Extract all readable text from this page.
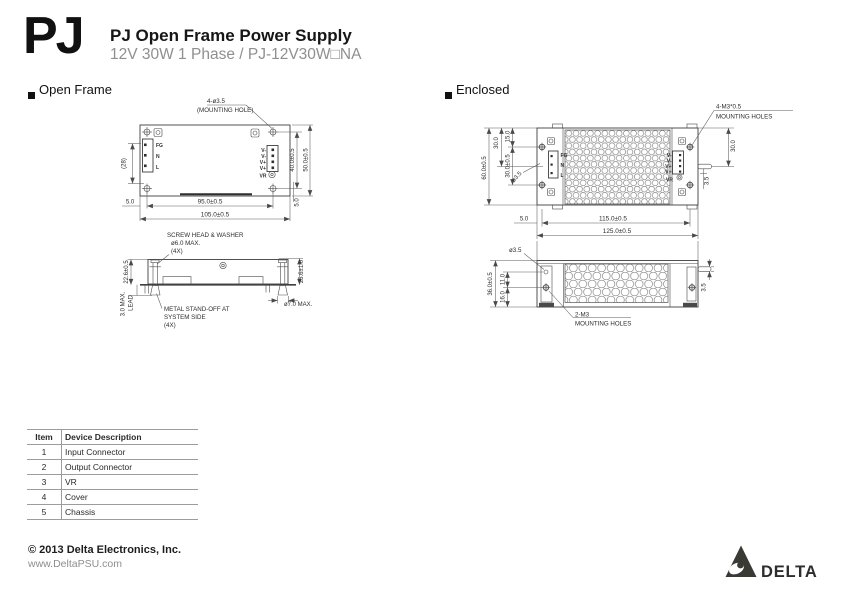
PJ PJ Open Frame Power Supply
12V 30W 1 Phase / PJ-12V30W□NA
Open Frame	Enclosed
FG
N
L
V-
V-
V+
V+
VR
4-ø3.5
(MOUNTING HOLE)
40.0±0.5 50.0±0.5
5.0
95.0±0.5
105.0±0.5
5.0
(28)
SCREW HEAD & WASHER
ø6.0 MAX.
(4X)
METAL STAND-OFF AT
SYSTEM SIDE
(4X)
22.6±0.5	25.6±1.0
3.0 MAX. LEAD	ø7.0 MAX.
FG
N
L
V-
V-
V+
V+
VR
4-M3*0.5
MOUNTING HOLES
60.0±0.5
30.0
15.0
30.0±0.5 ø3.5
30.0
3.5
115.0±0.5
125.0±0.5
5.0
ø3.5
2-M3
MOUNTING HOLES
36.0±0.5 11.0
16.0
3.5
Item	Device Description
1	Input Connector
2	Output Connector
3	VR
4	Cover
5	Chassis
© 2013 Delta Electronics, Inc.
www.DeltaPSU.com	DELTA
